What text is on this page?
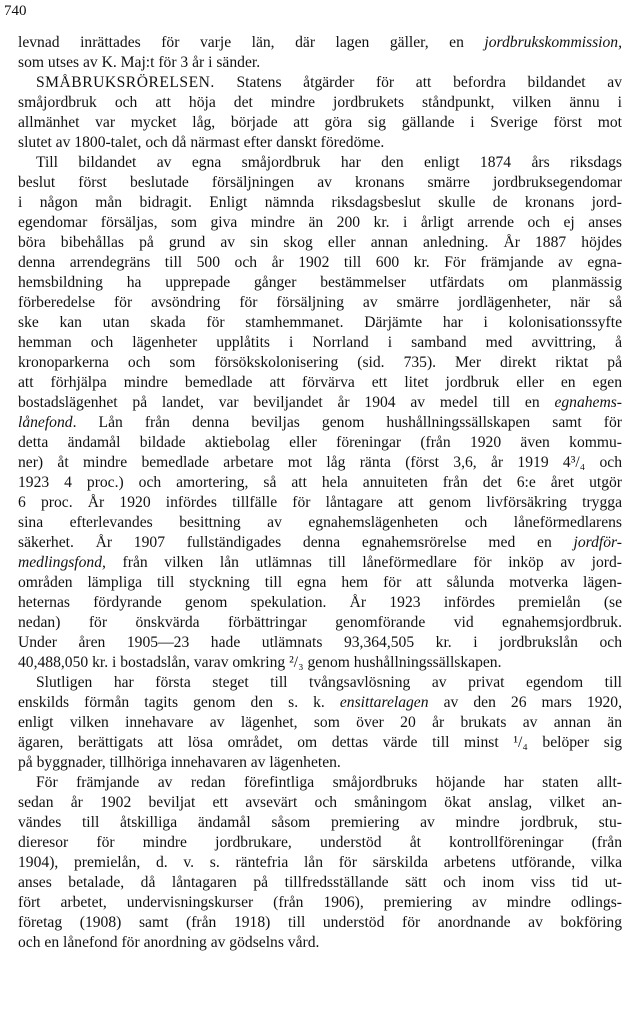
740
levnad inrättades för varje län, där lagen gäller, en jordbrukskommission,
som utses av K. Maj:t för 3 år i sänder.
SMÅBRUKSRÖRELSEN. Statens åtgärder för att befordra bildandet av
småjordbruk och att höja det mindre jordbrukets ståndpunkt, vilken ännu i
allmänhet var mycket låg, började att göra sig gällande i Sverige först mot
slutet av 1800-talet, och då närmast efter danskt föredöme.
Till bildandet av egna småjordbruk har den enligt 1874 års riksdags
beslut först beslutade försäljningen av kronans smärre jordbruksegendomar
i någon mån bidragit. Enligt nämnda riksdagsbeslut skulle de kronans jord-
egendomar försäljas, som giva mindre än 200 kr. i årligt arrende och ej anses
böra bibehållas på grund av sin skog eller annan anledning. År 1887 höjdes
denna arrendegräns till 500 och år 1902 till 600 kr. För främjande av egna-
hemsbildning ha upprepade gånger bestämmelser utfärdats om planmässig
förberedelse för avsöndring för försäljning av smärre jordlägenheter, när så
ske kan utan skada för stamhemmanet. Därjämte har i kolonisationssyfte
hemman och lägenheter upplåtits i Norrland i samband med avvittring, å
kronoparkerna och som försökskolonisering (sid. 735). Mer direkt riktat på
att förhjälpa mindre bemedlade att förvärva ett litet jordbruk eller en egen
bostadslägenhet på landet, var beviljandet år 1904 av medel till en egnahems-
lånefond. Lån från denna beviljas genom hushållningssällskapen samt för
detta ändamål bildade aktiebolag eller föreningar (från 1920 även kommu-
ner) åt mindre bemedlade arbetare mot låg ränta (först 3,6, år 1919 4³/₄ och
1923 4 proc.) och amortering, så att hela annuiteten från det 6:e året utgör
6 proc. År 1920 infördes tillfälle för låntagare att genom livförsäkring trygga
sina efterlevandes besittning av egnahemslägenheten och låneförmedlarens
säkerhet. År 1907 fullständigades denna egnahemsrörelse med en jordför-
medlingsfond, från vilken lån utlämnas till låneförmedlare för inköp av jord-
områden lämpliga till styckning till egna hem för att sålunda motverka lägen-
heternas fördyrande genom spekulation. År 1923 infördes premielån (se
nedan) för önskvärda förbättringar genomförande vid egnahemsjordbruk.
Under åren 1905—23 hade utlämnats 93,364,505 kr. i jordbrukslån och
40,488,050 kr. i bostadslån, varav omkring ²/₃ genom hushållningssällskapen.
Slutligen har första steget till tvångsavlösning av privat egendom till
enskilds förmån tagits genom den s. k. ensittarelagen av den 26 mars 1920,
enligt vilken innehavare av lägenhet, som över 20 år brukats av annan än
ägaren, berättigats att lösa området, om dettas värde till minst ¹/₄ belöper sig
på byggnader, tillhöriga innehavaren av lägenheten.
För främjande av redan förefintliga småjordbruks höjande har staten allt-
sedan år 1902 beviljat ett avsevärt och småningom ökat anslag, vilket an-
vändes till åtskilliga ändamål såsom premiering av mindre jordbruk, stu-
dieresor för mindre jordbrukare, understöd åt kontrollföreningar (från
1904), premielån, d. v. s. räntefria lån för särskilda arbetens utförande, vilka
anses betalade, då låntagaren på tillfredsställande sätt och inom viss tid ut-
fört arbetet, undervisningskurser (från 1906), premiering av mindre odlings-
företag (1908) samt (från 1918) till understöd för anordnande av bokföring
och en lånefond för anordning av gödselns vård.
